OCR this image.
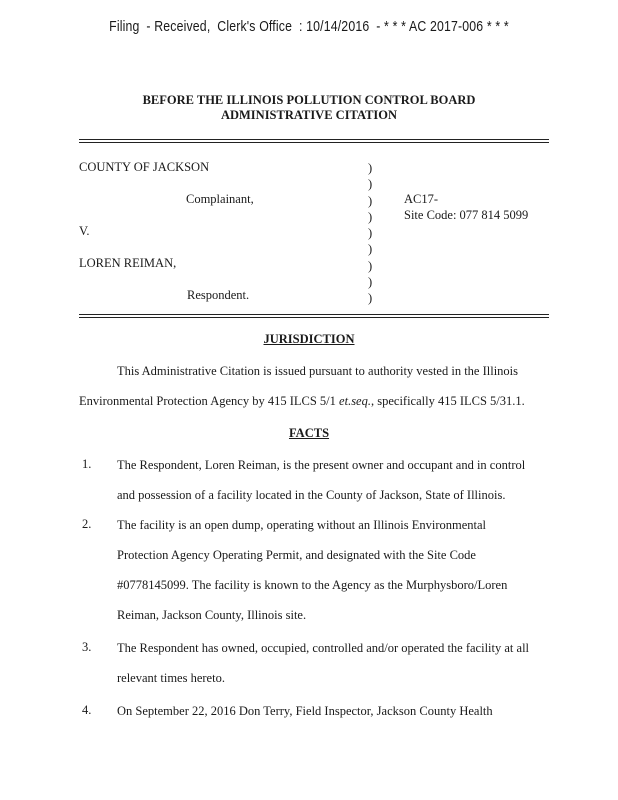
Filing - Received, Clerk's Office : 10/14/2016 - * * * AC 2017-006 * * *
BEFORE THE ILLINOIS POLLUTION CONTROL BOARD
ADMINISTRATIVE CITATION
COUNTY OF JACKSON
Complainant,
V.
LOREN REIMAN,
Respondent.
)
)
)
)
)
)
)
)
)
AC17-
Site Code: 077 814 5099
JURISDICTION
This Administrative Citation is issued pursuant to authority vested in the Illinois
Environmental Protection Agency by 415 ILCS 5/1 et.seq., specifically 415 ILCS 5/31.1.
FACTS
1. The Respondent, Loren Reiman, is the present owner and occupant and in control
and possession of a facility located in the County of Jackson, State of Illinois.
2. The facility is an open dump, operating without an Illinois Environmental
Protection Agency Operating Permit, and designated with the Site Code
#0778145099. The facility is known to the Agency as the Murphysboro/Loren
Reiman, Jackson County, Illinois site.
3. The Respondent has owned, occupied, controlled and/or operated the facility at all
relevant times hereto.
4. On September 22, 2016 Don Terry, Field Inspector, Jackson County Health
